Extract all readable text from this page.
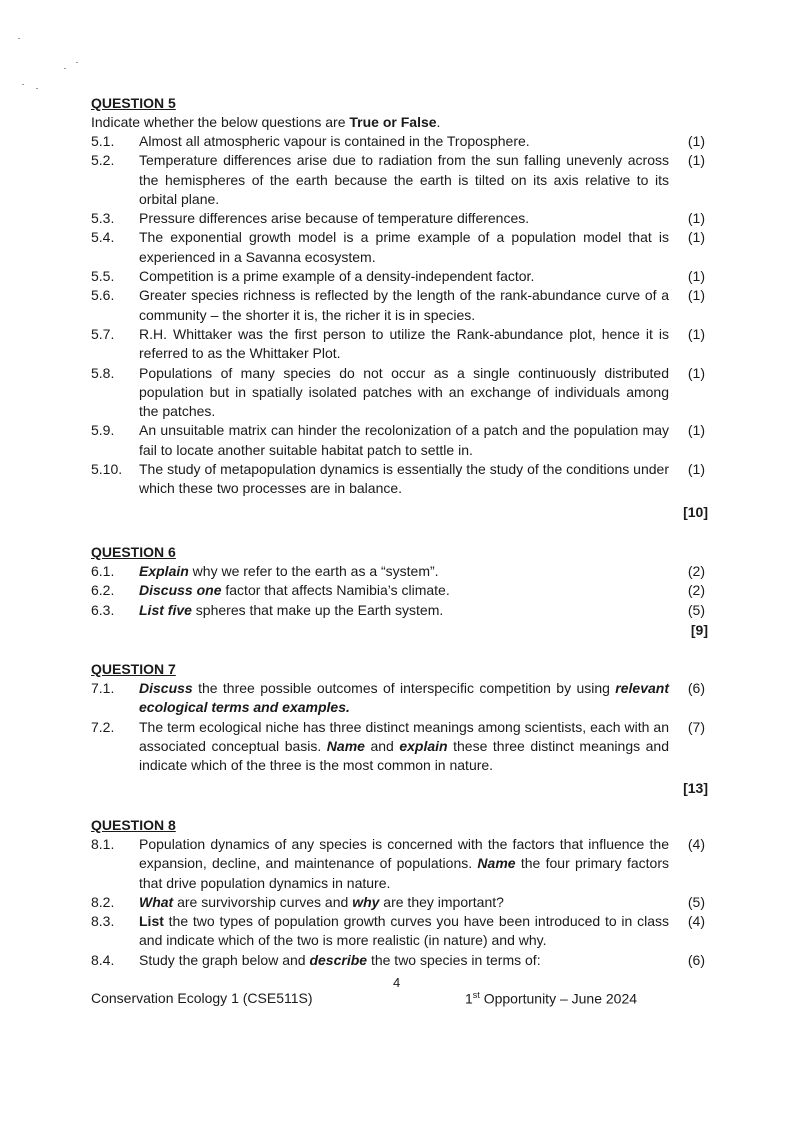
QUESTION 5
Indicate whether the below questions are True or False.
5.1.	Almost all atmospheric vapour is contained in the Troposphere.	(1)
5.2.	Temperature differences arise due to radiation from the sun falling unevenly across the hemispheres of the earth because the earth is tilted on its axis relative to its orbital plane.
(1)
5.3.	Pressure differences arise because of temperature differences.	(1)
5.4.	The exponential growth model is a prime example of a population model that is experienced in a Savanna ecosystem.
(1)
5.5.	Competition is a prime example of a density-independent factor.	(1)
5.6.	Greater species richness is reflected by the length of the rank-abundance curve of a community – the shorter it is, the richer it is in species.
(1)
5.7.	R.H. Whittaker was the first person to utilize the Rank-abundance plot, hence it is referred to as the Whittaker Plot.
(1)
5.8.	Populations of many species do not occur as a single continuously distributed population but in spatially isolated patches with an exchange of individuals among the patches.
(1)
5.9.	An unsuitable matrix can hinder the recolonization of a patch and the population may fail to locate another suitable habitat patch to settle in.
(1)
5.10.	The study of metapopulation dynamics is essentially the study of the conditions under which these two processes are in balance.
(1)
[10]
QUESTION 6
6.1.	Explain why we refer to the earth as a “system”.	(2)
6.2.	Discuss one factor that affects Namibia’s climate.	(2)
6.3.	List five spheres that make up the Earth system.	(5)
[9]
QUESTION 7
7.1.	Discuss the three possible outcomes of interspecific competition by using relevant ecological terms and examples.
(6)
7.2.	The term ecological niche has three distinct meanings among scientists, each with an associated conceptual basis. Name and explain these three distinct meanings and indicate which of the three is the most common in nature.
(7)
[13]
QUESTION 8
8.1.	Population dynamics of any species is concerned with the factors that influence the expansion, decline, and maintenance of populations. Name the four primary factors that drive population dynamics in nature.
(4)
8.2.	What are survivorship curves and why are they important?	(5)
8.3.	List the two types of population growth curves you have been introduced to in class and indicate which of the two is more realistic (in nature) and why.
(4)
8.4.	Study the graph below and describe the two species in terms of:	(6)
4
Conservation Ecology 1 (CSE511S)	1st Opportunity – June 2024
